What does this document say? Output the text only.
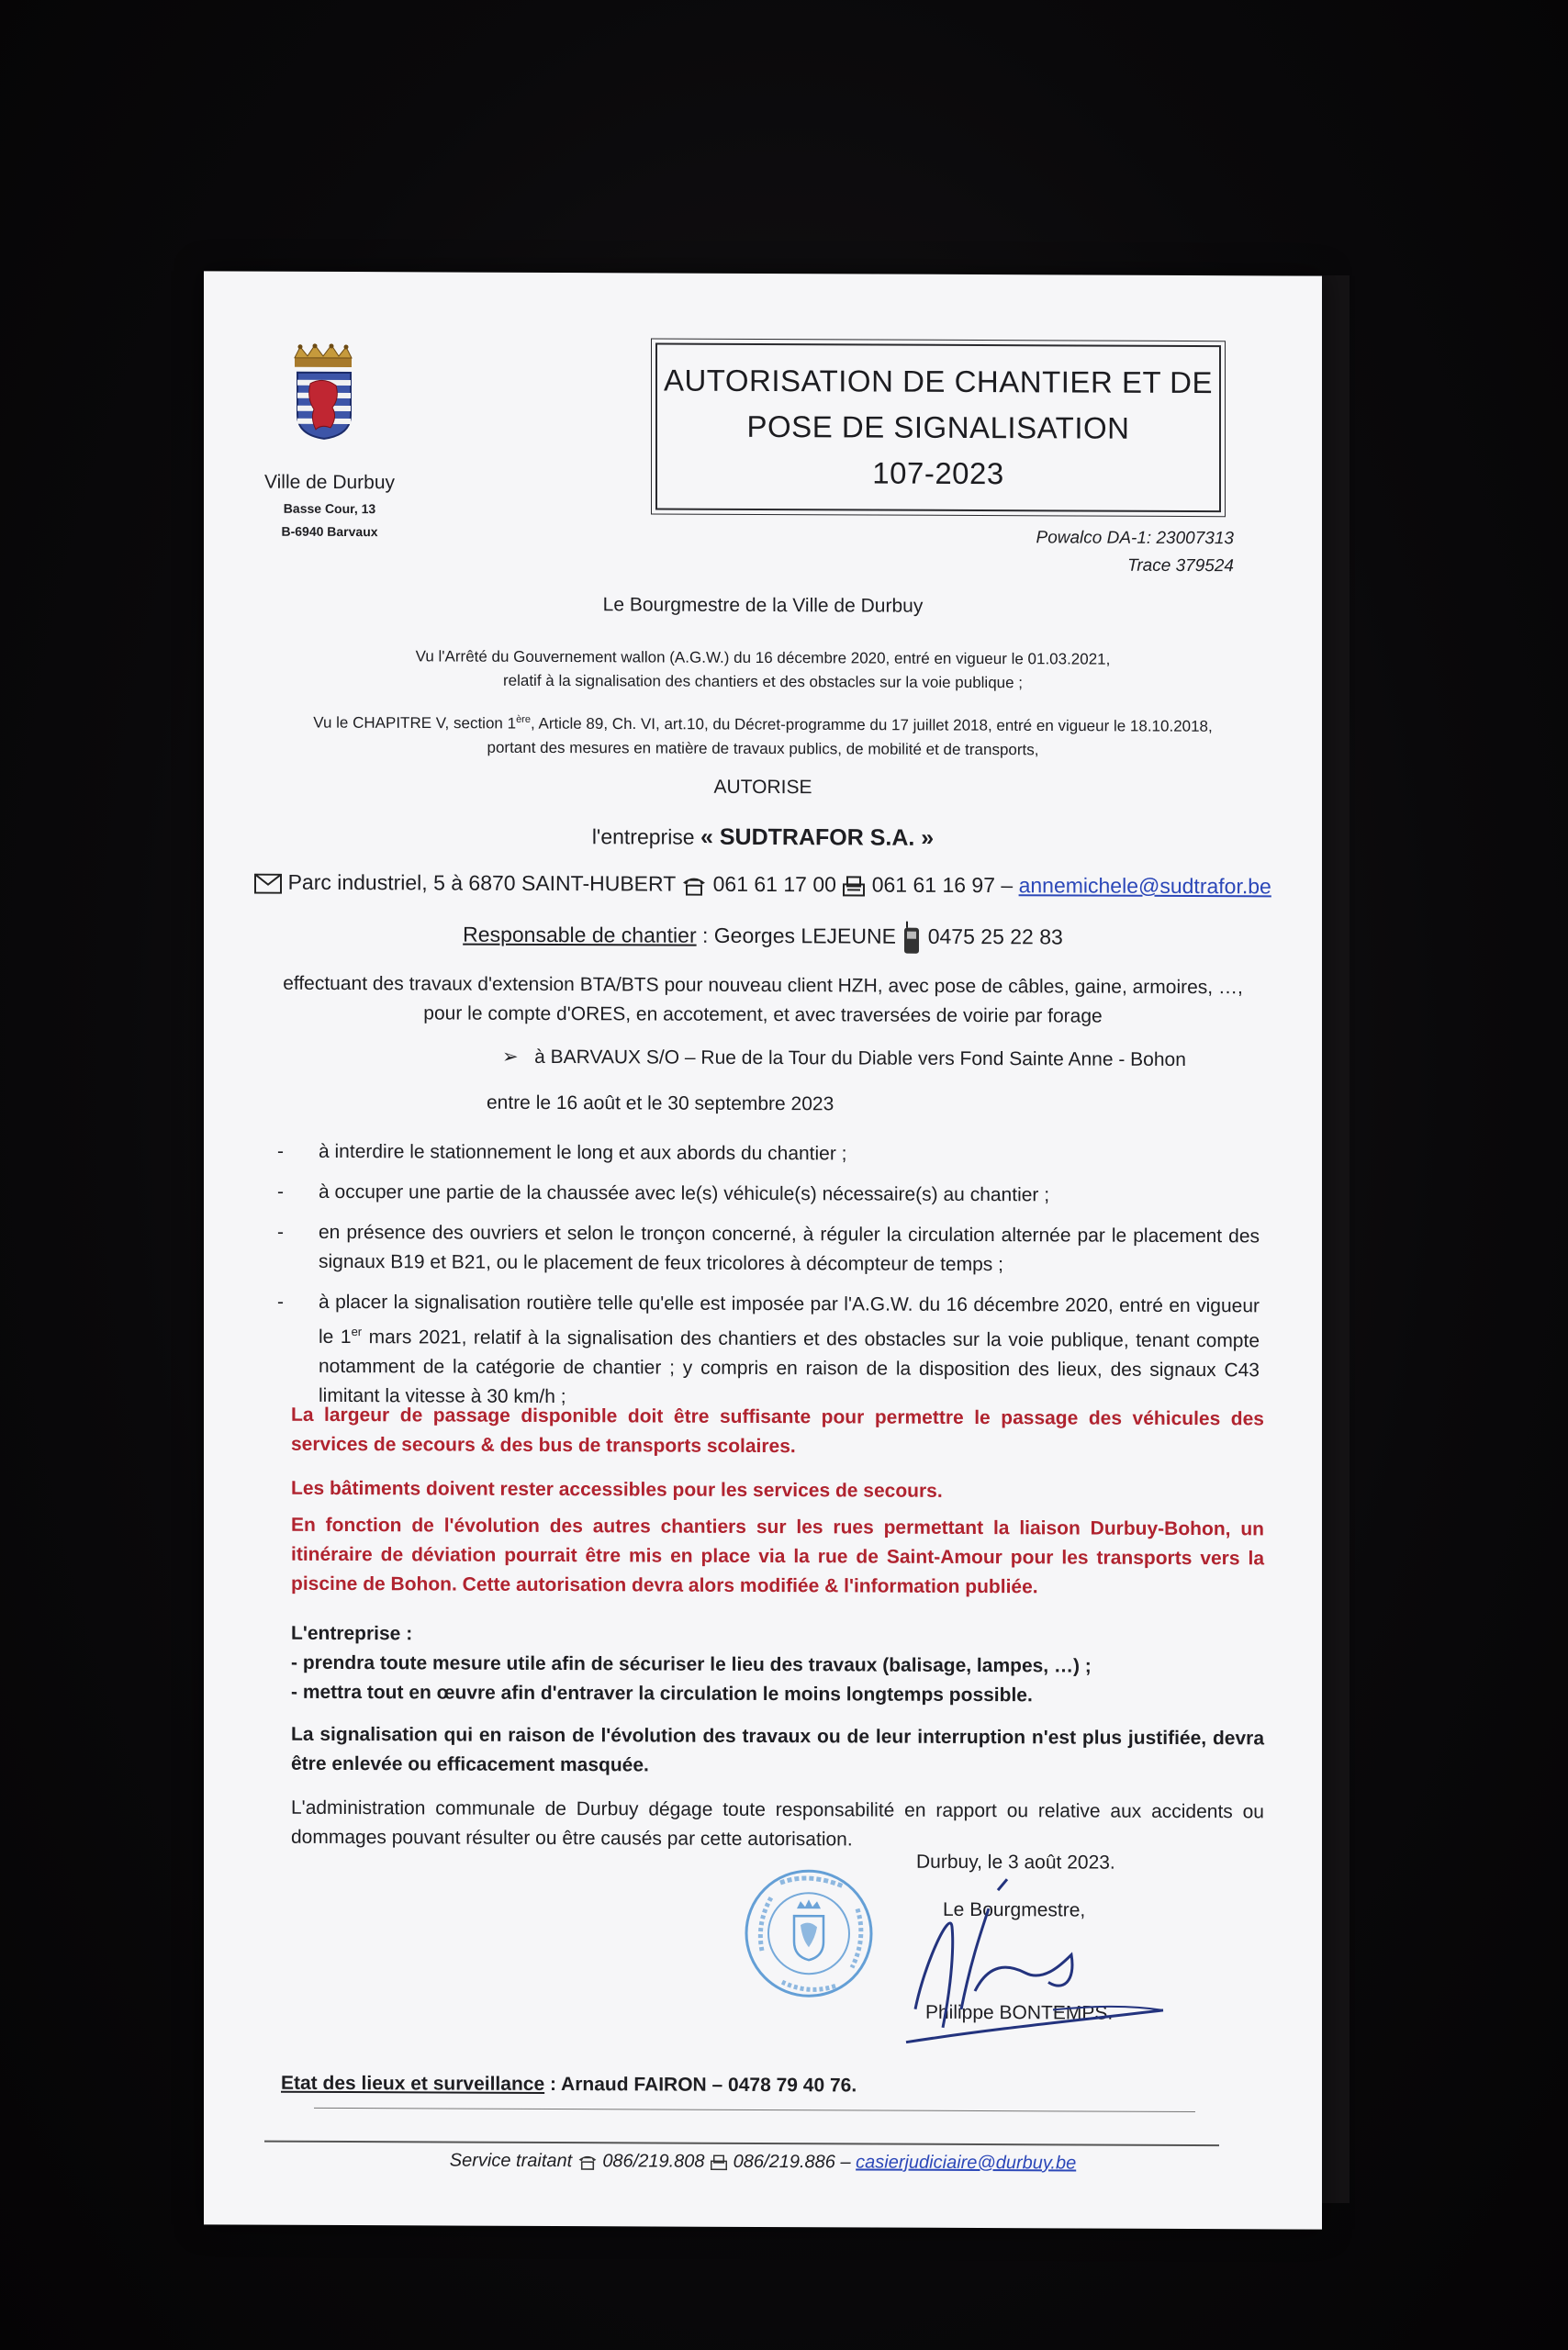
Ville de Durbuy
Basse Cour, 13
B-6940 Barvaux
AUTORISATION DE CHANTIER ET DE
POSE DE SIGNALISATION
107-2023
Powalco DA-1: 23007313
Trace 379524
Le Bourgmestre de la Ville de Durbuy
Vu l'Arrêté du Gouvernement wallon (A.G.W.) du 16 décembre 2020, entré en vigueur le 01.03.2021,
relatif à la signalisation des chantiers et des obstacles sur la voie publique ;
Vu le CHAPITRE V, section 1ère, Article 89, Ch. VI, art.10, du Décret-programme du 17 juillet 2018, entré en vigueur le 18.10.2018,
portant des mesures en matière de travaux publics, de mobilité et de transports,
AUTORISE
l'entreprise « SUDTRAFOR S.A. »
Parc industriel, 5 à 6870 SAINT-HUBERT 061 61 17 00 061 61 16 97 – annemichele@sudtrafor.be
Responsable de chantier : Georges LEJEUNE 0475 25 22 83
effectuant des travaux d'extension BTA/BTS pour nouveau client HZH, avec pose de câbles, gaine, armoires, …,
pour le compte d'ORES, en accotement, et avec traversées de voirie par forage
➢ à BARVAUX S/O – Rue de la Tour du Diable vers Fond Sainte Anne - Bohon
entre le 16 août et le 30 septembre 2023
- à interdire le stationnement le long et aux abords du chantier ;
- à occuper une partie de la chaussée avec le(s) véhicule(s) nécessaire(s) au chantier ;
- en présence des ouvriers et selon le tronçon concerné, à réguler la circulation alternée par le placement des signaux B19 et B21, ou le placement de feux tricolores à décompteur de temps ;
- à placer la signalisation routière telle qu'elle est imposée par l'A.G.W. du 16 décembre 2020, entré en vigueur le 1er mars 2021, relatif à la signalisation des chantiers et des obstacles sur la voie publique, tenant compte notamment de la catégorie de chantier ; y compris en raison de la disposition des lieux, des signaux C43 limitant la vitesse à 30 km/h ;
La largeur de passage disponible doit être suffisante pour permettre le passage des véhicules des services de secours & des bus de transports scolaires.
Les bâtiments doivent rester accessibles pour les services de secours.
En fonction de l'évolution des autres chantiers sur les rues permettant la liaison Durbuy-Bohon, un itinéraire de déviation pourrait être mis en place via la rue de Saint-Amour pour les transports vers la piscine de Bohon. Cette autorisation devra alors modifiée & l'information publiée.
L'entreprise :
- prendra toute mesure utile afin de sécuriser le lieu des travaux (balisage, lampes, …) ;
- mettra tout en œuvre afin d'entraver la circulation le moins longtemps possible.
La signalisation qui en raison de l'évolution des travaux ou de leur interruption n'est plus justifiée, devra être enlevée ou efficacement masquée.
L'administration communale de Durbuy dégage toute responsabilité en rapport ou relative aux accidents ou dommages pouvant résulter ou être causés par cette autorisation.
Durbuy, le 3 août 2023.
Le Bourgmestre,
Philippe BONTEMPS.
Etat des lieux et surveillance : Arnaud FAIRON – 0478 79 40 76.
Service traitant 086/219.808 086/219.886 – casierjudiciaire@durbuy.be
